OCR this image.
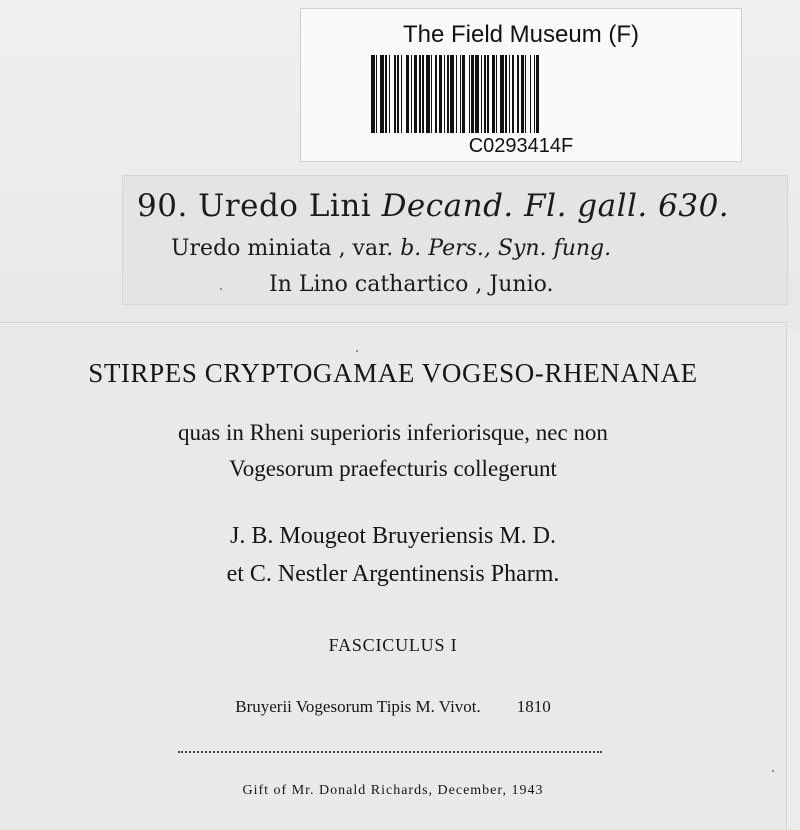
The Field Museum (F)
C0293414F
90. Uredo Lini Decand. Fl. gall. 630.
Uredo miniata , var. b. Pers., Syn. fung.
In Lino cathartico , Junio.
STIRPES CRYPTOGAMAE VOGESO-RHENANAE
quas in Rheni superioris inferiorisque, nec non
Vogesorum praefecturis collegerunt
J. B. Mougeot Bruyeriensis M. D.
et C. Nestler Argentinensis Pharm.
FASCICULUS I
Bruyerii Vogesorum Tipis M. Vivot. 1810
Gift of Mr. Donald Richards, December, 1943
